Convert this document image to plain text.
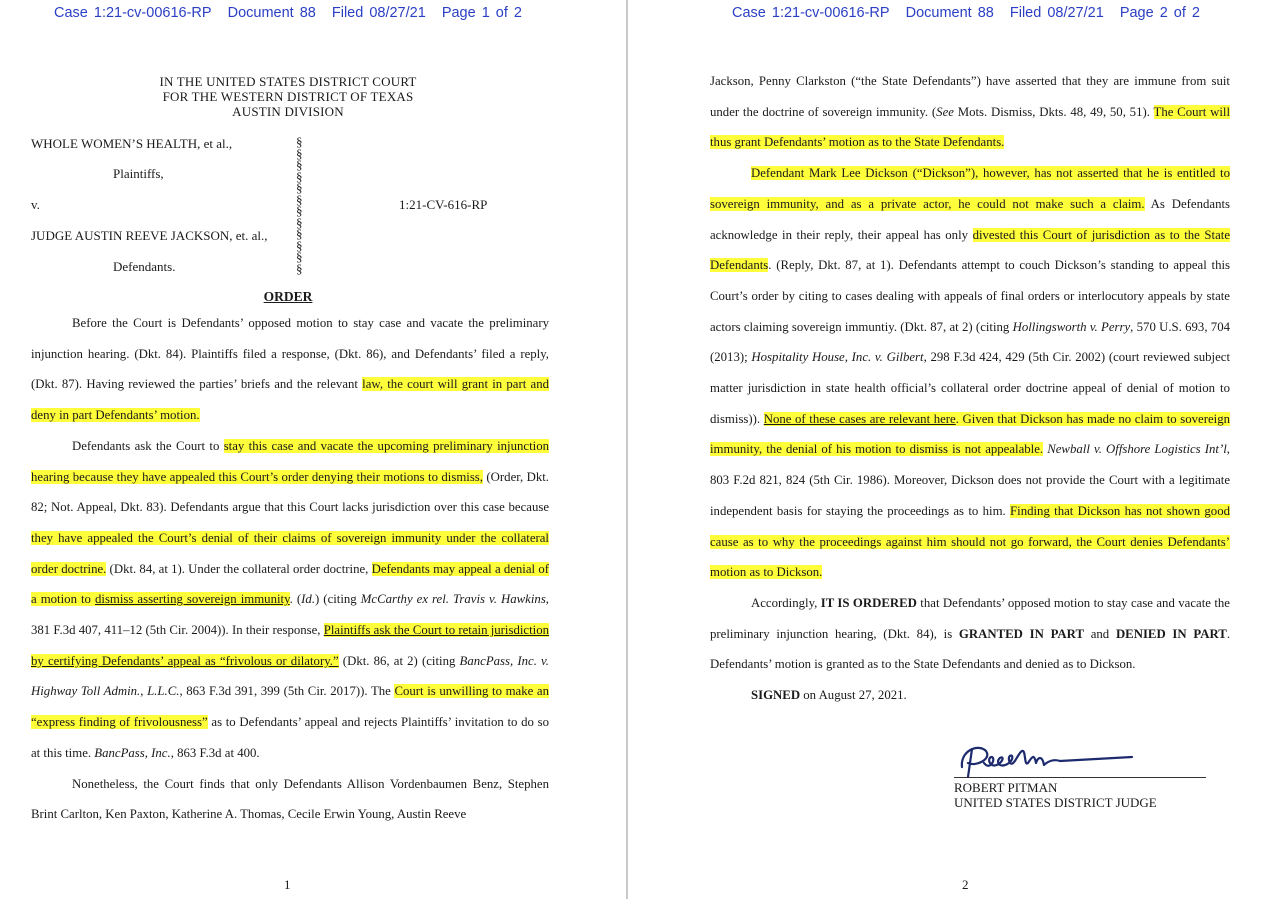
Case 1:21-cv-00616-RP Document 88 Filed 08/27/21 Page 1 of 2
IN THE UNITED STATES DISTRICT COURT
FOR THE WESTERN DISTRICT OF TEXAS
AUSTIN DIVISION
WHOLE WOMEN’S HEALTH, et al.,
Plaintiffs,
v.	1:21-CV-616-RP
JUDGE AUSTIN REEVE JACKSON, et. al.,
Defendants.
§
§
§
§
§
§
§
§
§
§
§
§
ORDER

Before the Court is Defendants’ opposed motion to stay case and vacate the preliminary injunction hearing. (Dkt. 84). Plaintiffs filed a response, (Dkt. 86), and Defendants’ filed a reply, (Dkt. 87). Having reviewed the parties’ briefs and the relevant law, the court will grant in part and deny in part Defendants’ motion.

Defendants ask the Court to stay this case and vacate the upcoming preliminary injunction hearing because they have appealed this Court’s order denying their motions to dismiss, (Order, Dkt. 82; Not. Appeal, Dkt. 83). Defendants argue that this Court lacks jurisdiction over this case because they have appealed the Court’s denial of their claims of sovereign immunity under the collateral order doctrine. (Dkt. 84, at 1). Under the collateral order doctrine, Defendants may appeal a denial of a motion to dismiss asserting sovereign immunity. (Id.) (citing McCarthy ex rel. Travis v. Hawkins, 381 F.3d 407, 411–12 (5th Cir. 2004)). In their response, Plaintiffs ask the Court to retain jurisdiction by certifying Defendants’ appeal as “frivolous or dilatory.” (Dkt. 86, at 2) (citing BancPass, Inc. v. Highway Toll Admin., L.L.C., 863 F.3d 391, 399 (5th Cir. 2017)). The Court is unwilling to make an “express finding of frivolousness” as to Defendants’ appeal and rejects Plaintiffs’ invitation to do so at this time. BancPass, Inc., 863 F.3d at 400.

Nonetheless, the Court finds that only Defendants Allison Vordenbaumen Benz, Stephen Brint Carlton, Ken Paxton, Katherine A. Thomas, Cecile Erwin Young, Austin Reeve

1
Case 1:21-cv-00616-RP Document 88 Filed 08/27/21 Page 2 of 2

Jackson, Penny Clarkston (“the State Defendants”) have asserted that they are immune from suit under the doctrine of sovereign immunity. (See Mots. Dismiss, Dkts. 48, 49, 50, 51). The Court will thus grant Defendants’ motion as to the State Defendants.

Defendant Mark Lee Dickson (“Dickson”), however, has not asserted that he is entitled to sovereign immunity, and as a private actor, he could not make such a claim. As Defendants acknowledge in their reply, their appeal has only divested this Court of jurisdiction as to the State Defendants. (Reply, Dkt. 87, at 1). Defendants attempt to couch Dickson’s standing to appeal this Court’s order by citing to cases dealing with appeals of final orders or interlocutory appeals by state actors claiming sovereign immuntiy. (Dkt. 87, at 2) (citing Hollingsworth v. Perry, 570 U.S. 693, 704 (2013); Hospitality House, Inc. v. Gilbert, 298 F.3d 424, 429 (5th Cir. 2002) (court reviewed subject matter jurisdiction in state health official’s collateral order doctrine appeal of denial of motion to dismiss)). None of these cases are relevant here. Given that Dickson has made no claim to sovereign immunity, the denial of his motion to dismiss is not appealable. Newball v. Offshore Logistics Int’l, 803 F.2d 821, 824 (5th Cir. 1986). Moreover, Dickson does not provide the Court with a legitimate independent basis for staying the proceedings as to him. Finding that Dickson has not shown good cause as to why the proceedings against him should not go forward, the Court denies Defendants’ motion as to Dickson.

Accordingly, IT IS ORDERED that Defendants’ opposed motion to stay case and vacate the preliminary injunction hearing, (Dkt. 84), is GRANTED IN PART and DENIED IN PART. Defendants’ motion is granted as to the State Defendants and denied as to Dickson.

SIGNED on August 27, 2021.

ROBERT PITMAN
UNITED STATES DISTRICT JUDGE
2
